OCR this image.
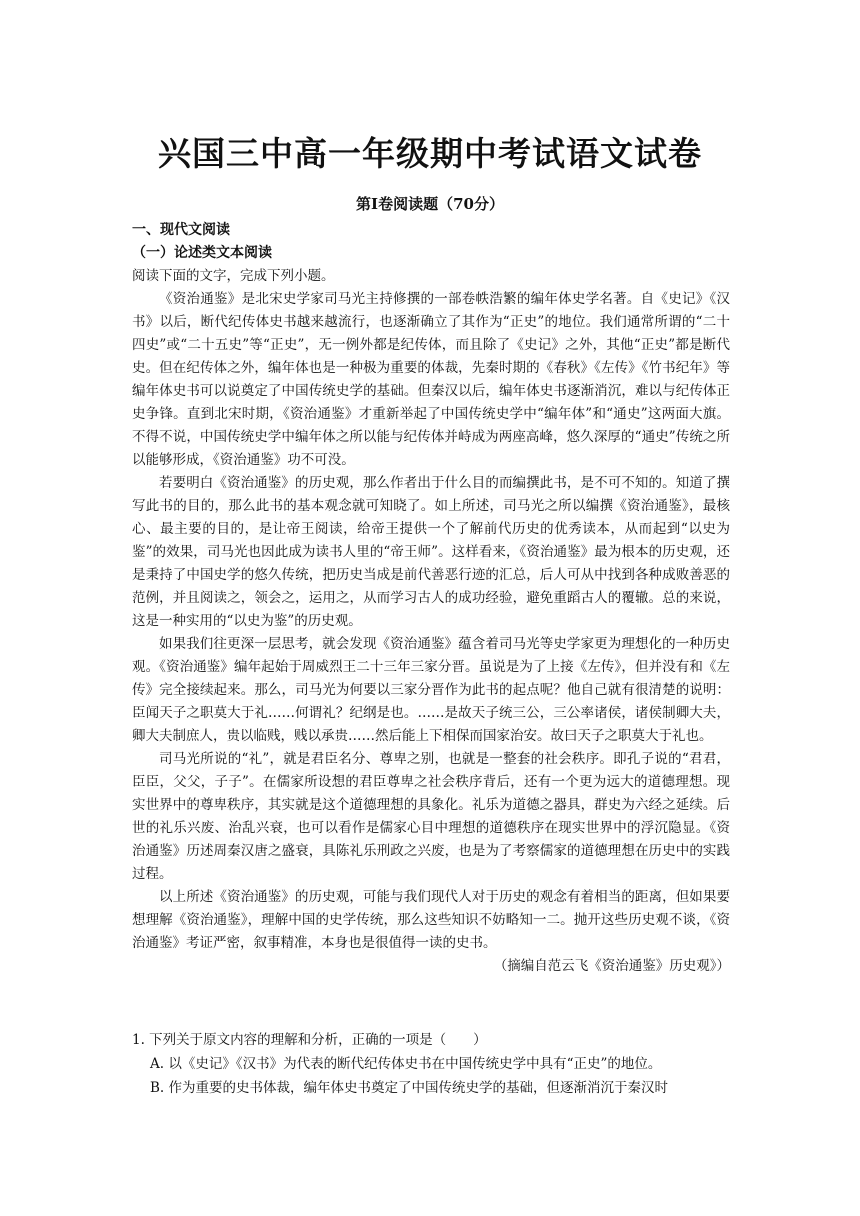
兴国三中高一年级期中考试语文试卷
第Ⅰ卷阅读题（70分）
一、现代文阅读
（一）论述类文本阅读
阅读下面的文字，完成下列小题。

《资治通鉴》是北宋史学家司马光主持修撰的一部卷帙浩繁的编年体史学名著。自《史记》《汉书》以后，断代纪传体史书越来越流行，也逐渐确立了其作为“正史”的地位。我们通常所谓的“二十四史”或“二十五史”等“正史”，无一例外都是纪传体，而且除了《史记》之外，其他“正史”都是断代史。但在纪传体之外，编年体也是一种极为重要的体裁，先秦时期的《春秋》《左传》《竹书纪年》等编年体史书可以说奠定了中国传统史学的基础。但秦汉以后，编年体史书逐渐消沉，难以与纪传体正史争锋。直到北宋时期，《资治通鉴》才重新举起了中国传统史学中“编年体”和“通史”这两面大旗。不得不说，中国传统史学中编年体之所以能与纪传体并峙成为两座高峰，悠久深厚的“通史”传统之所以能够形成，《资治通鉴》功不可没。

若要明白《资治通鉴》的历史观，那么作者出于什么目的而编撰此书，是不可不知的。知道了撰写此书的目的，那么此书的基本观念就可知晓了。如上所述，司马光之所以编撰《资治通鉴》，最核心、最主要的目的，是让帝王阅读，给帝王提供一个了解前代历史的优秀读本，从而起到“以史为鉴”的效果，司马光也因此成为读书人里的“帝王师”。这样看来，《资治通鉴》最为根本的历史观，还是秉持了中国史学的悠久传统，把历史当成是前代善恶行迹的汇总，后人可从中找到各种成败善恶的范例，并且阅读之，领会之，运用之，从而学习古人的成功经验，避免重蹈古人的覆辙。总的来说，这是一种实用的“以史为鉴”的历史观。

如果我们往更深一层思考，就会发现《资治通鉴》蕴含着司马光等史学家更为理想化的一种历史观。《资治通鉴》编年起始于周威烈王二十三年三家分晋。虽说是为了上接《左传》，但并没有和《左传》完全接续起来。那么，司马光为何要以三家分晋作为此书的起点呢？他自己就有很清楚的说明：臣闻天子之职莫大于礼……何谓礼？纪纲是也。……是故天子统三公，三公率诸侯，诸侯制卿大夫，卿大夫制庶人，贵以临贱，贱以承贵……然后能上下相保而国家治安。故曰天子之职莫大于礼也。

司马光所说的“礼”，就是君臣名分、尊卑之别，也就是一整套的社会秩序。即孔子说的“君君，臣臣，父父，子子”。在儒家所设想的君臣尊卑之社会秩序背后，还有一个更为远大的道德理想。现实世界中的尊卑秩序，其实就是这个道德理想的具象化。礼乐为道德之器具，群史为六经之延续。后世的礼乐兴废、治乱兴衰，也可以看作是儒家心目中理想的道德秩序在现实世界中的浮沉隐显。《资治通鉴》历述周秦汉唐之盛衰，具陈礼乐刑政之兴废，也是为了考察儒家的道德理想在历史中的实践过程。

以上所述《资治通鉴》的历史观，可能与我们现代人对于历史的观念有着相当的距离，但如果要想理解《资治通鉴》，理解中国的史学传统，那么这些知识不妨略知一二。抛开这些历史观不谈，《资治通鉴》考证严密，叙事精准，本身也是很值得一读的史书。

（摘编自范云飞《资治通鉴》历史观》）

1. 下列关于原文内容的理解和分析，正确的一项是（　　）
A. 以《史记》《汉书》为代表的断代纪传体史书在中国传统史学中具有“正史”的地位。
B. 作为重要的史书体裁，编年体史书奠定了中国传统史学的基础，但逐渐消沉于秦汉时
